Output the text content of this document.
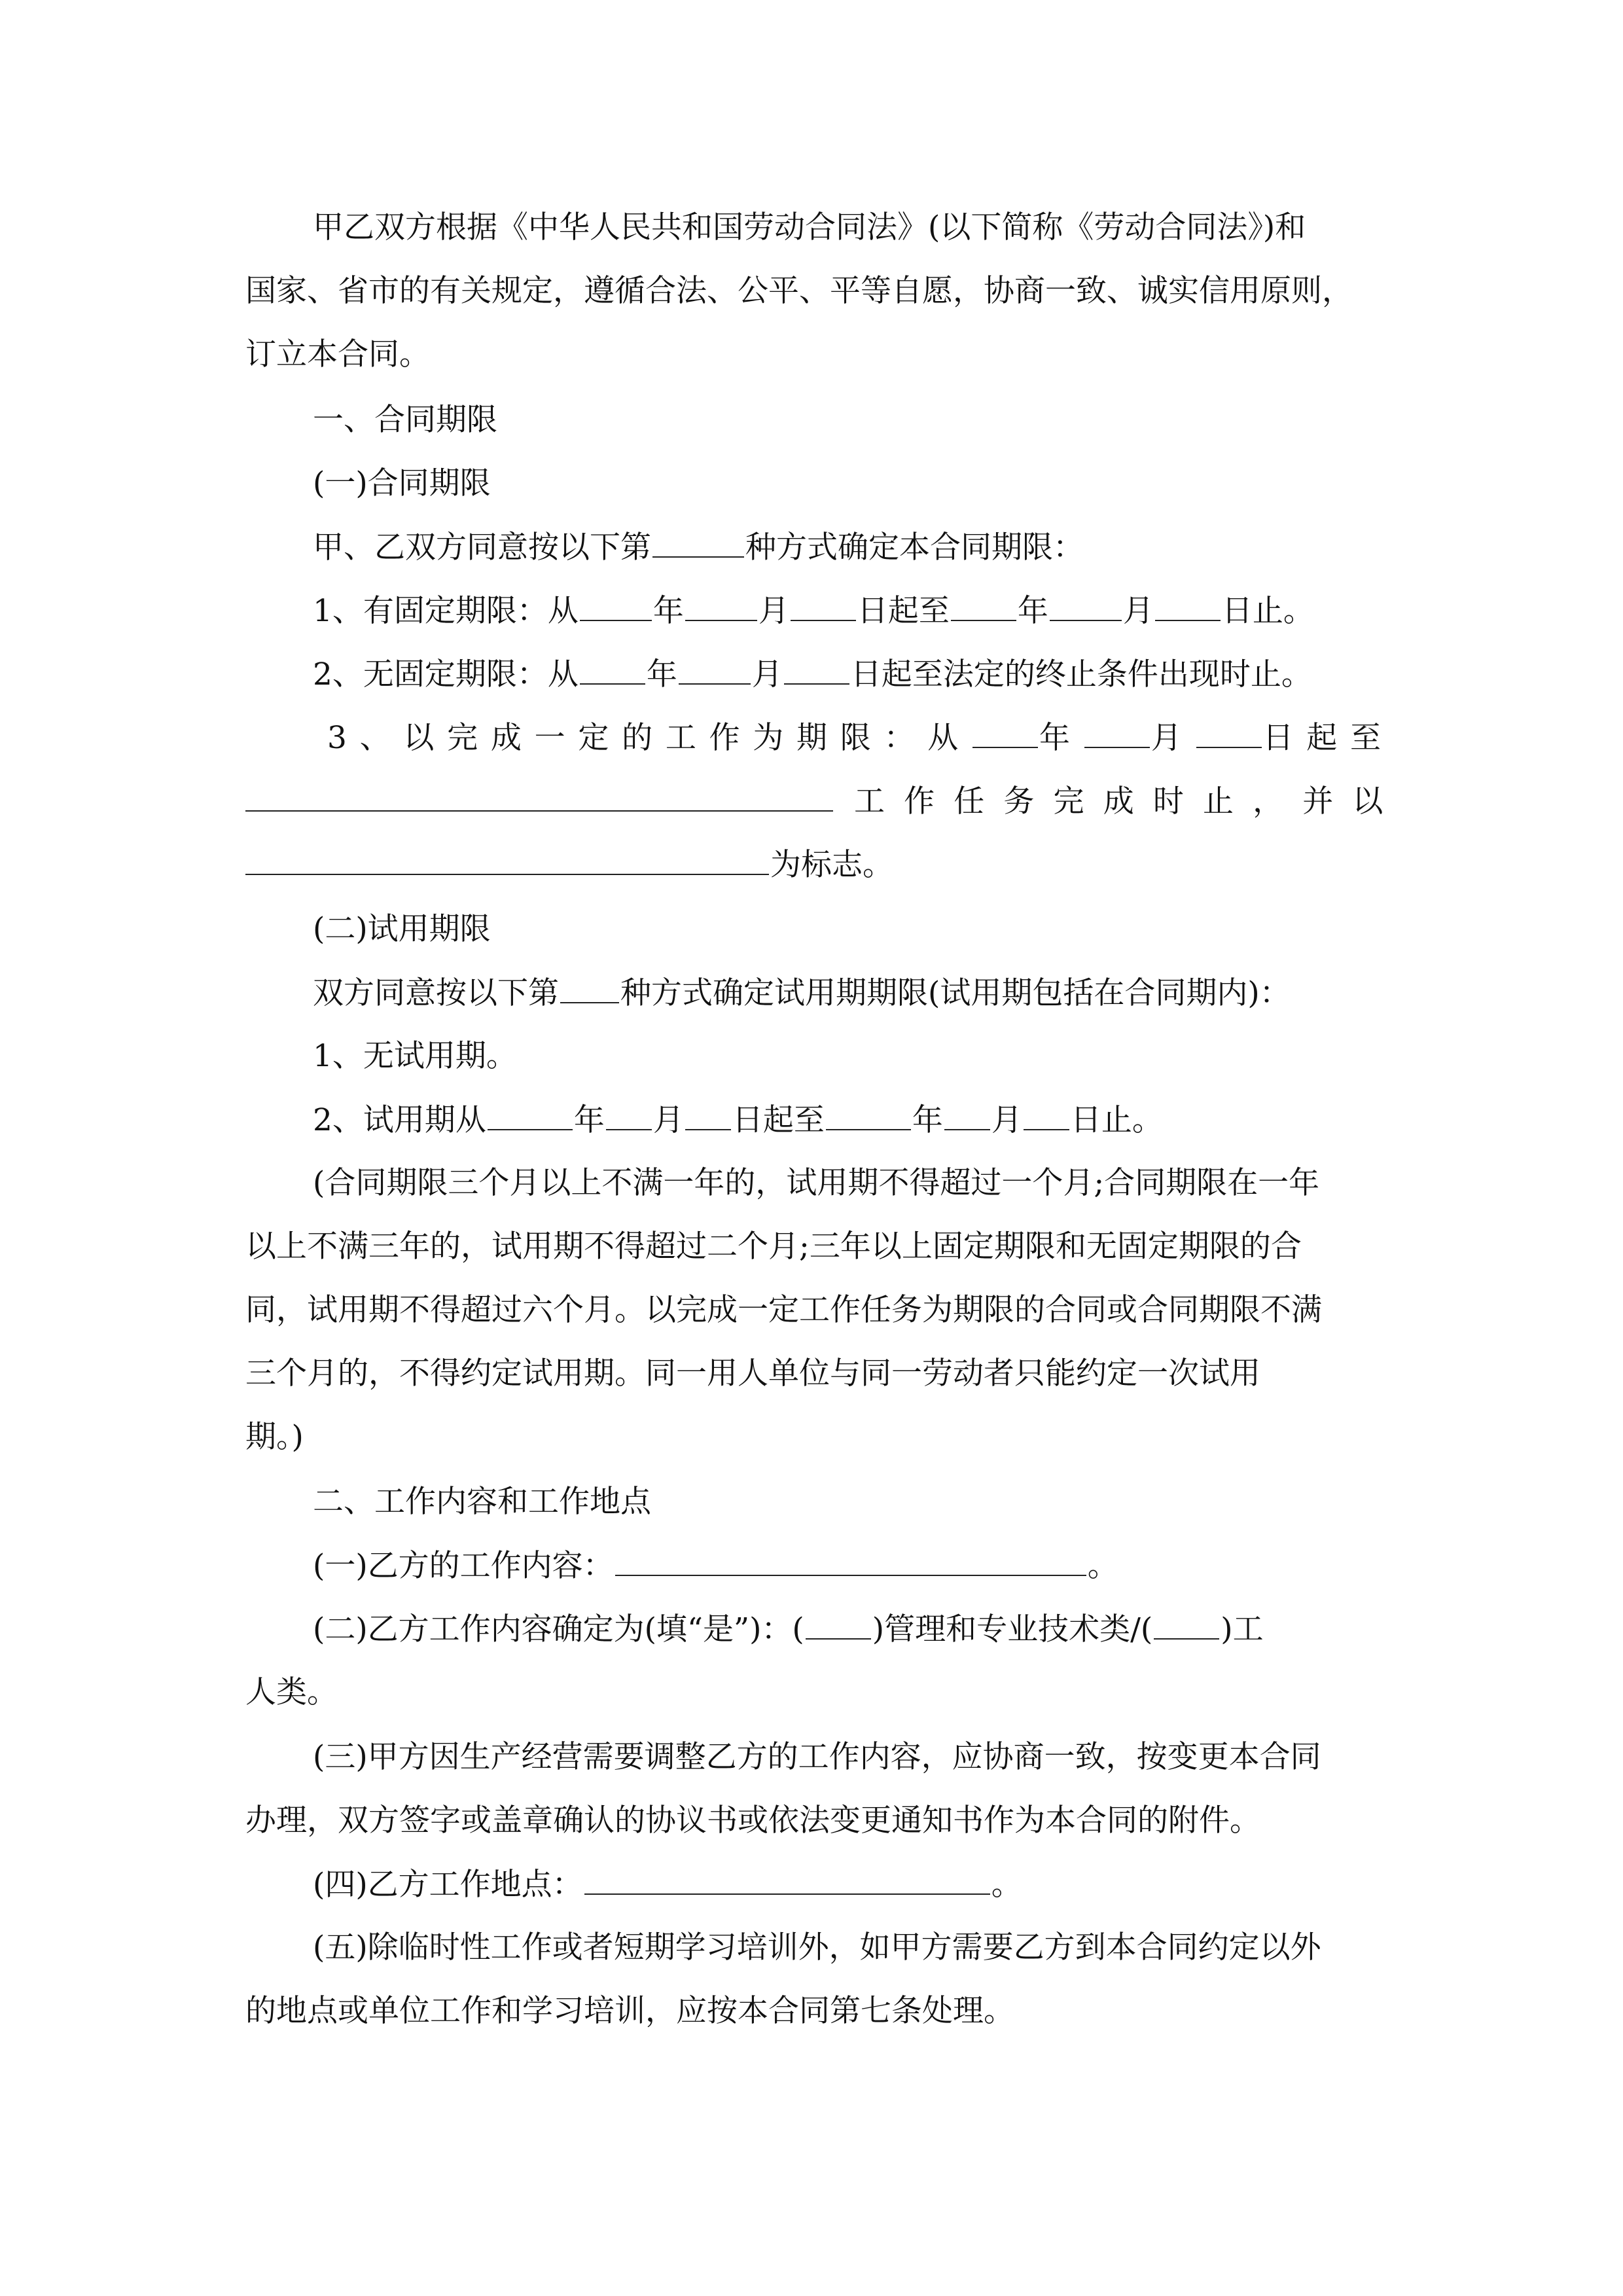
甲乙双方根据《中华人民共和国劳动合同法》(以下简称《劳动合同法》)和
国家、省市的有关规定，遵循合法、公平、平等自愿，协商一致、诚实信用原则，
订立本合同。
一、合同期限
(一)合同期限
甲、乙双方同意按以下第	种方式确定本合同期限：
1、有固定期限：从 年 月 日起至 年 月 日止。
2、无固定期限：从 年 月 日起至法定的终止条件出现时止。
3、以完成一定的工作为期限：从 年 月 日起至
工作任务完成时止，并以
为标志。
(二)试用期限
双方同意按以下第 种方式确定试用期期限(试用期包括在合同期内)：
1、无试用期。
2、试用期从	年 月 日起至	年 月 日止。
(合同期限三个月以上不满一年的，试用期不得超过一个月;合同期限在一年
以上不满三年的，试用期不得超过二个月;三年以上固定期限和无固定期限的合
同，试用期不得超过六个月。以完成一定工作任务为期限的合同或合同期限不满
三个月的，不得约定试用期。同一用人单位与同一劳动者只能约定一次试用
期。)
二、工作内容和工作地点
(一)乙方的工作内容：	。
(二)乙方工作内容确定为(填“是”)：( )管理和专业技术类/( )工
人类。
(三)甲方因生产经营需要调整乙方的工作内容，应协商一致，按变更本合同
办理，双方签字或盖章确认的协议书或依法变更通知书作为本合同的附件。
(四)乙方工作地点：	。
(五)除临时性工作或者短期学习培训外，如甲方需要乙方到本合同约定以外
的地点或单位工作和学习培训，应按本合同第七条处理。
